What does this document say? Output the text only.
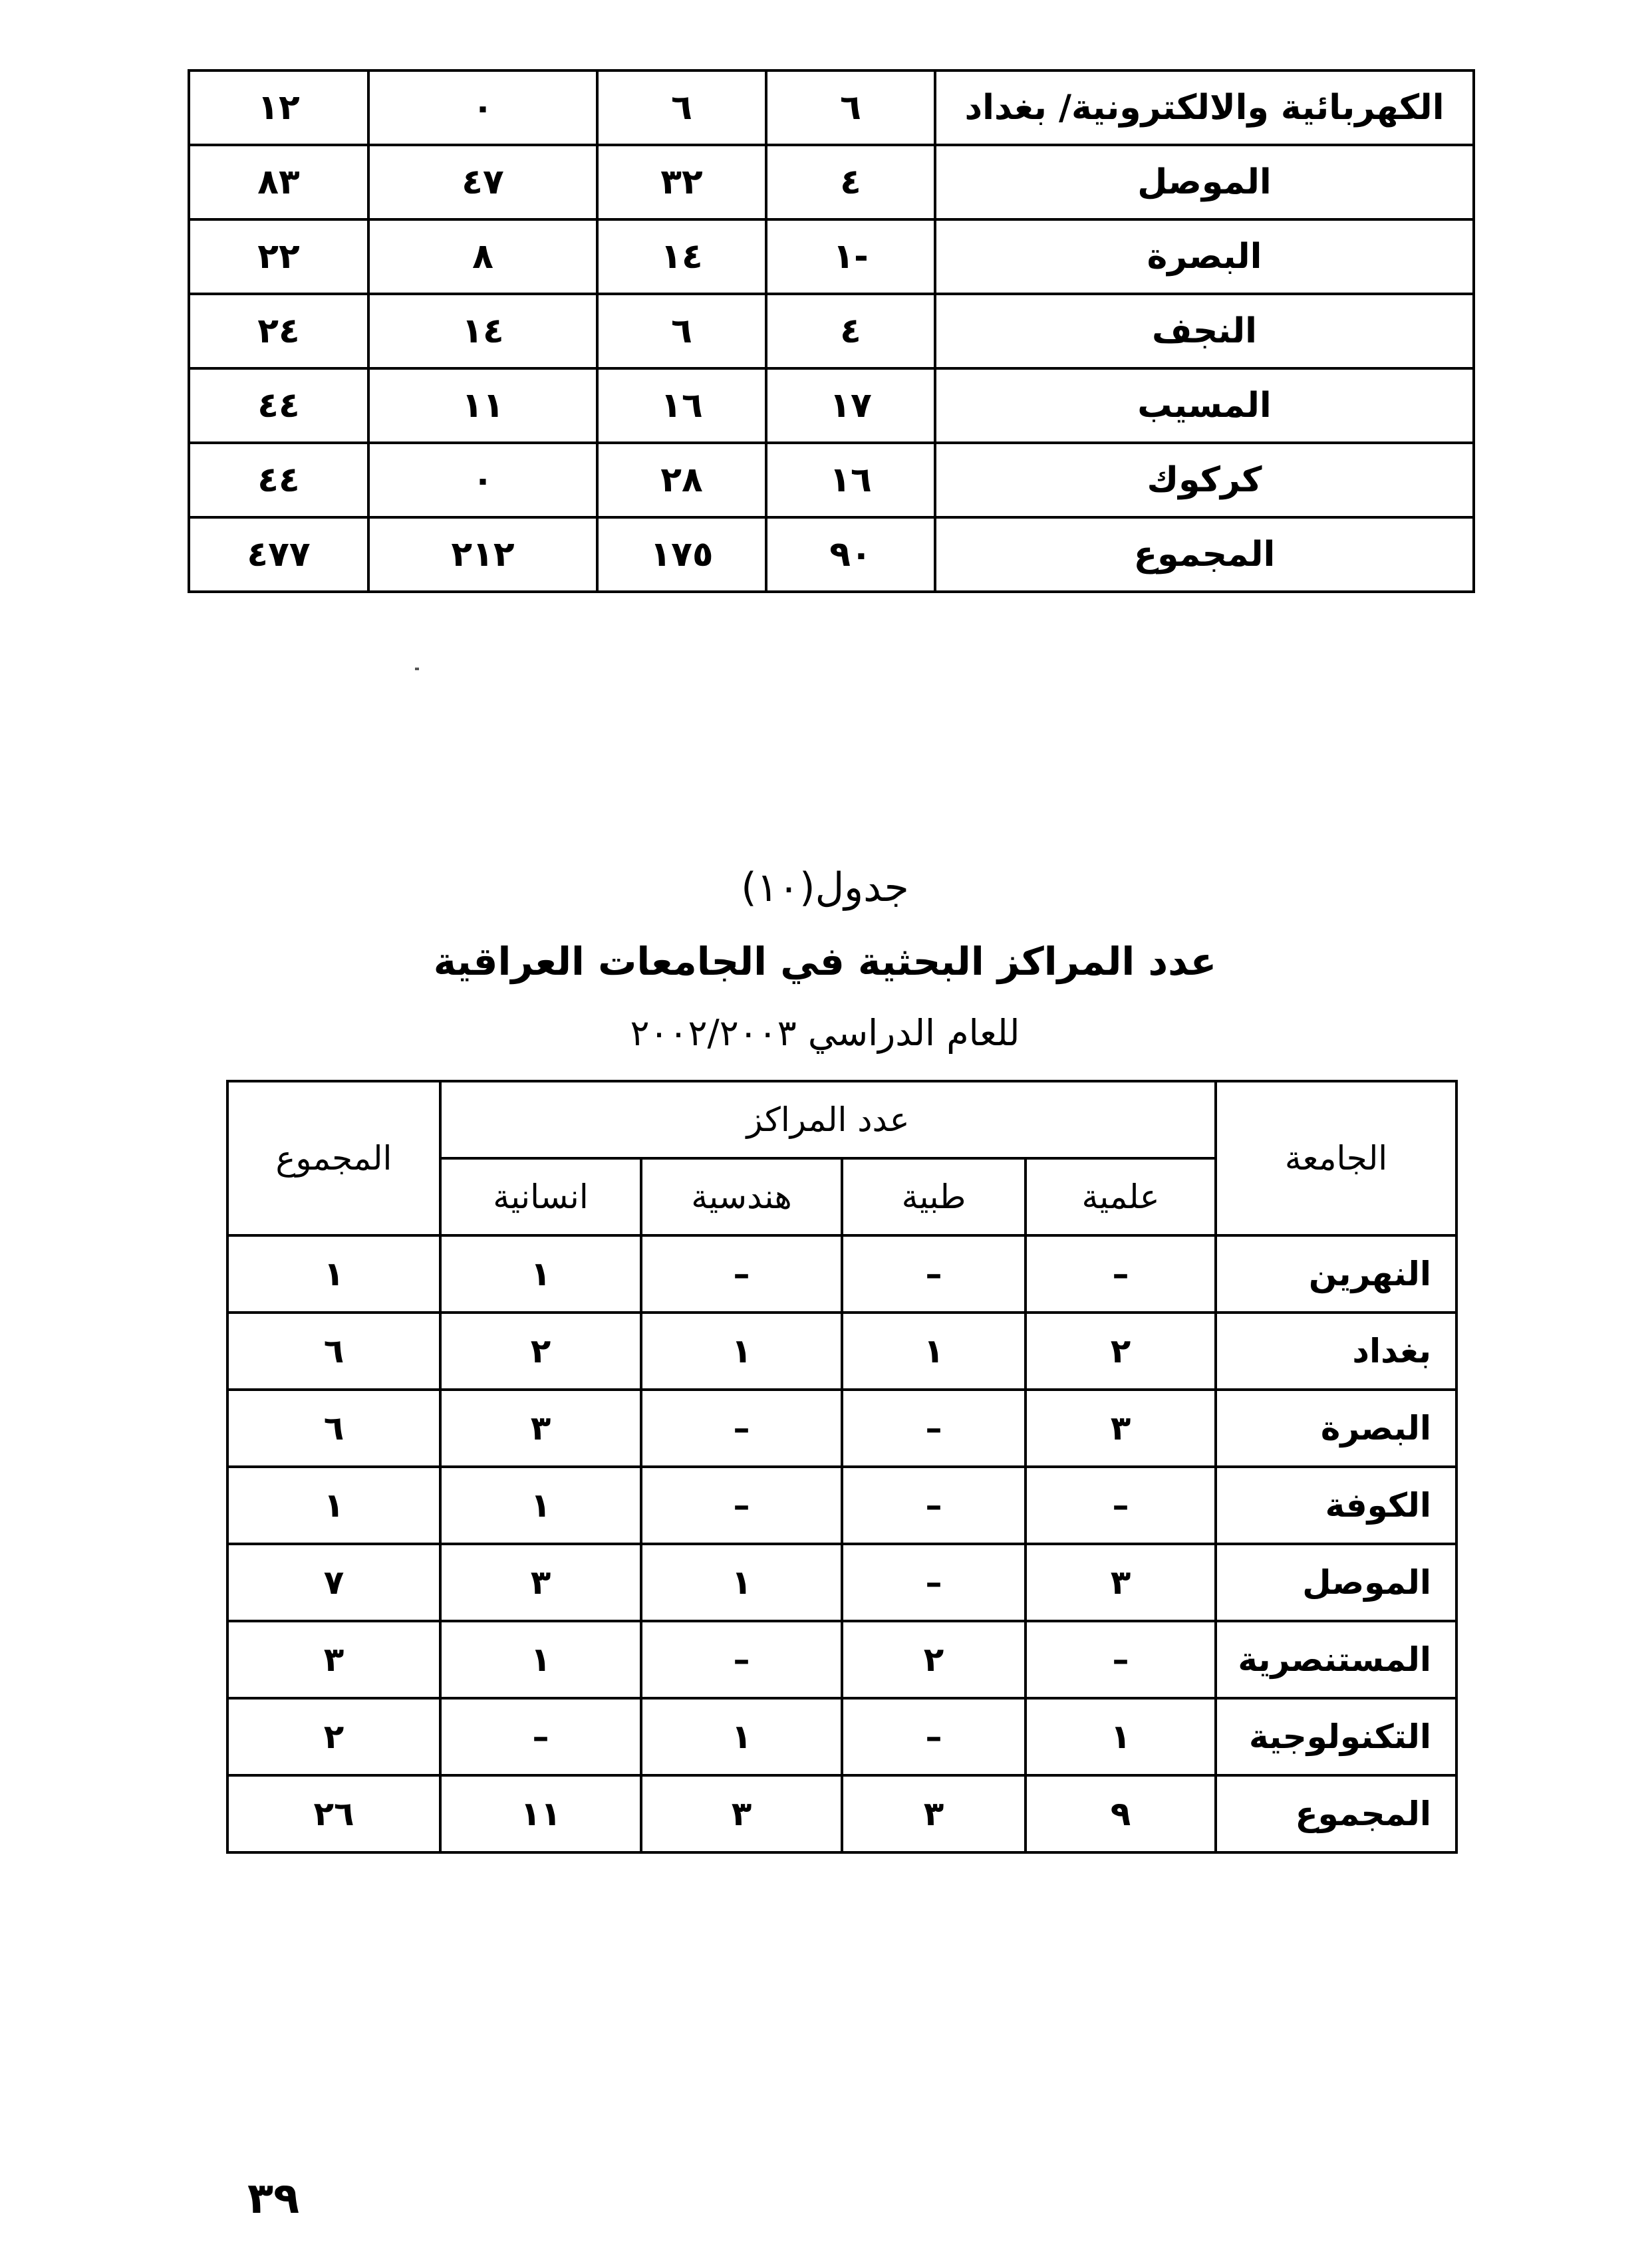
الكهربائية والالكترونية/ بغداد	٦	٦	٠	١٢
الموصل	٤	٣٢	٤٧	٨٣
البصرة	-١	١٤	٨	٢٢
النجف	٤	٦	١٤	٢٤
المسيب	١٧	١٦	١١	٤٤
كركوك	١٦	٢٨	٠	٤٤
المجموع	٩٠	١٧٥	٢١٢	٤٧٧
جدول(١٠)
عدد المراكز البحثية في الجامعات العراقية
للعام الدراسي ٢٠٠٢/٢٠٠٣
الجامعة	عدد المراكز				المجموع
	علمية	طبية	هندسية	انسانية	
النهرين	–	–	–	١	١
بغداد	٢	١	١	٢	٦
البصرة	٣	–	–	٣	٦
الكوفة	–	–	–	١	١
الموصل	٣	–	١	٣	٧
المستنصرية	–	٢	–	١	٣
التكنولوجية	١	–	١	–	٢
المجموع	٩	٣	٣	١١	٢٦
٣٩
